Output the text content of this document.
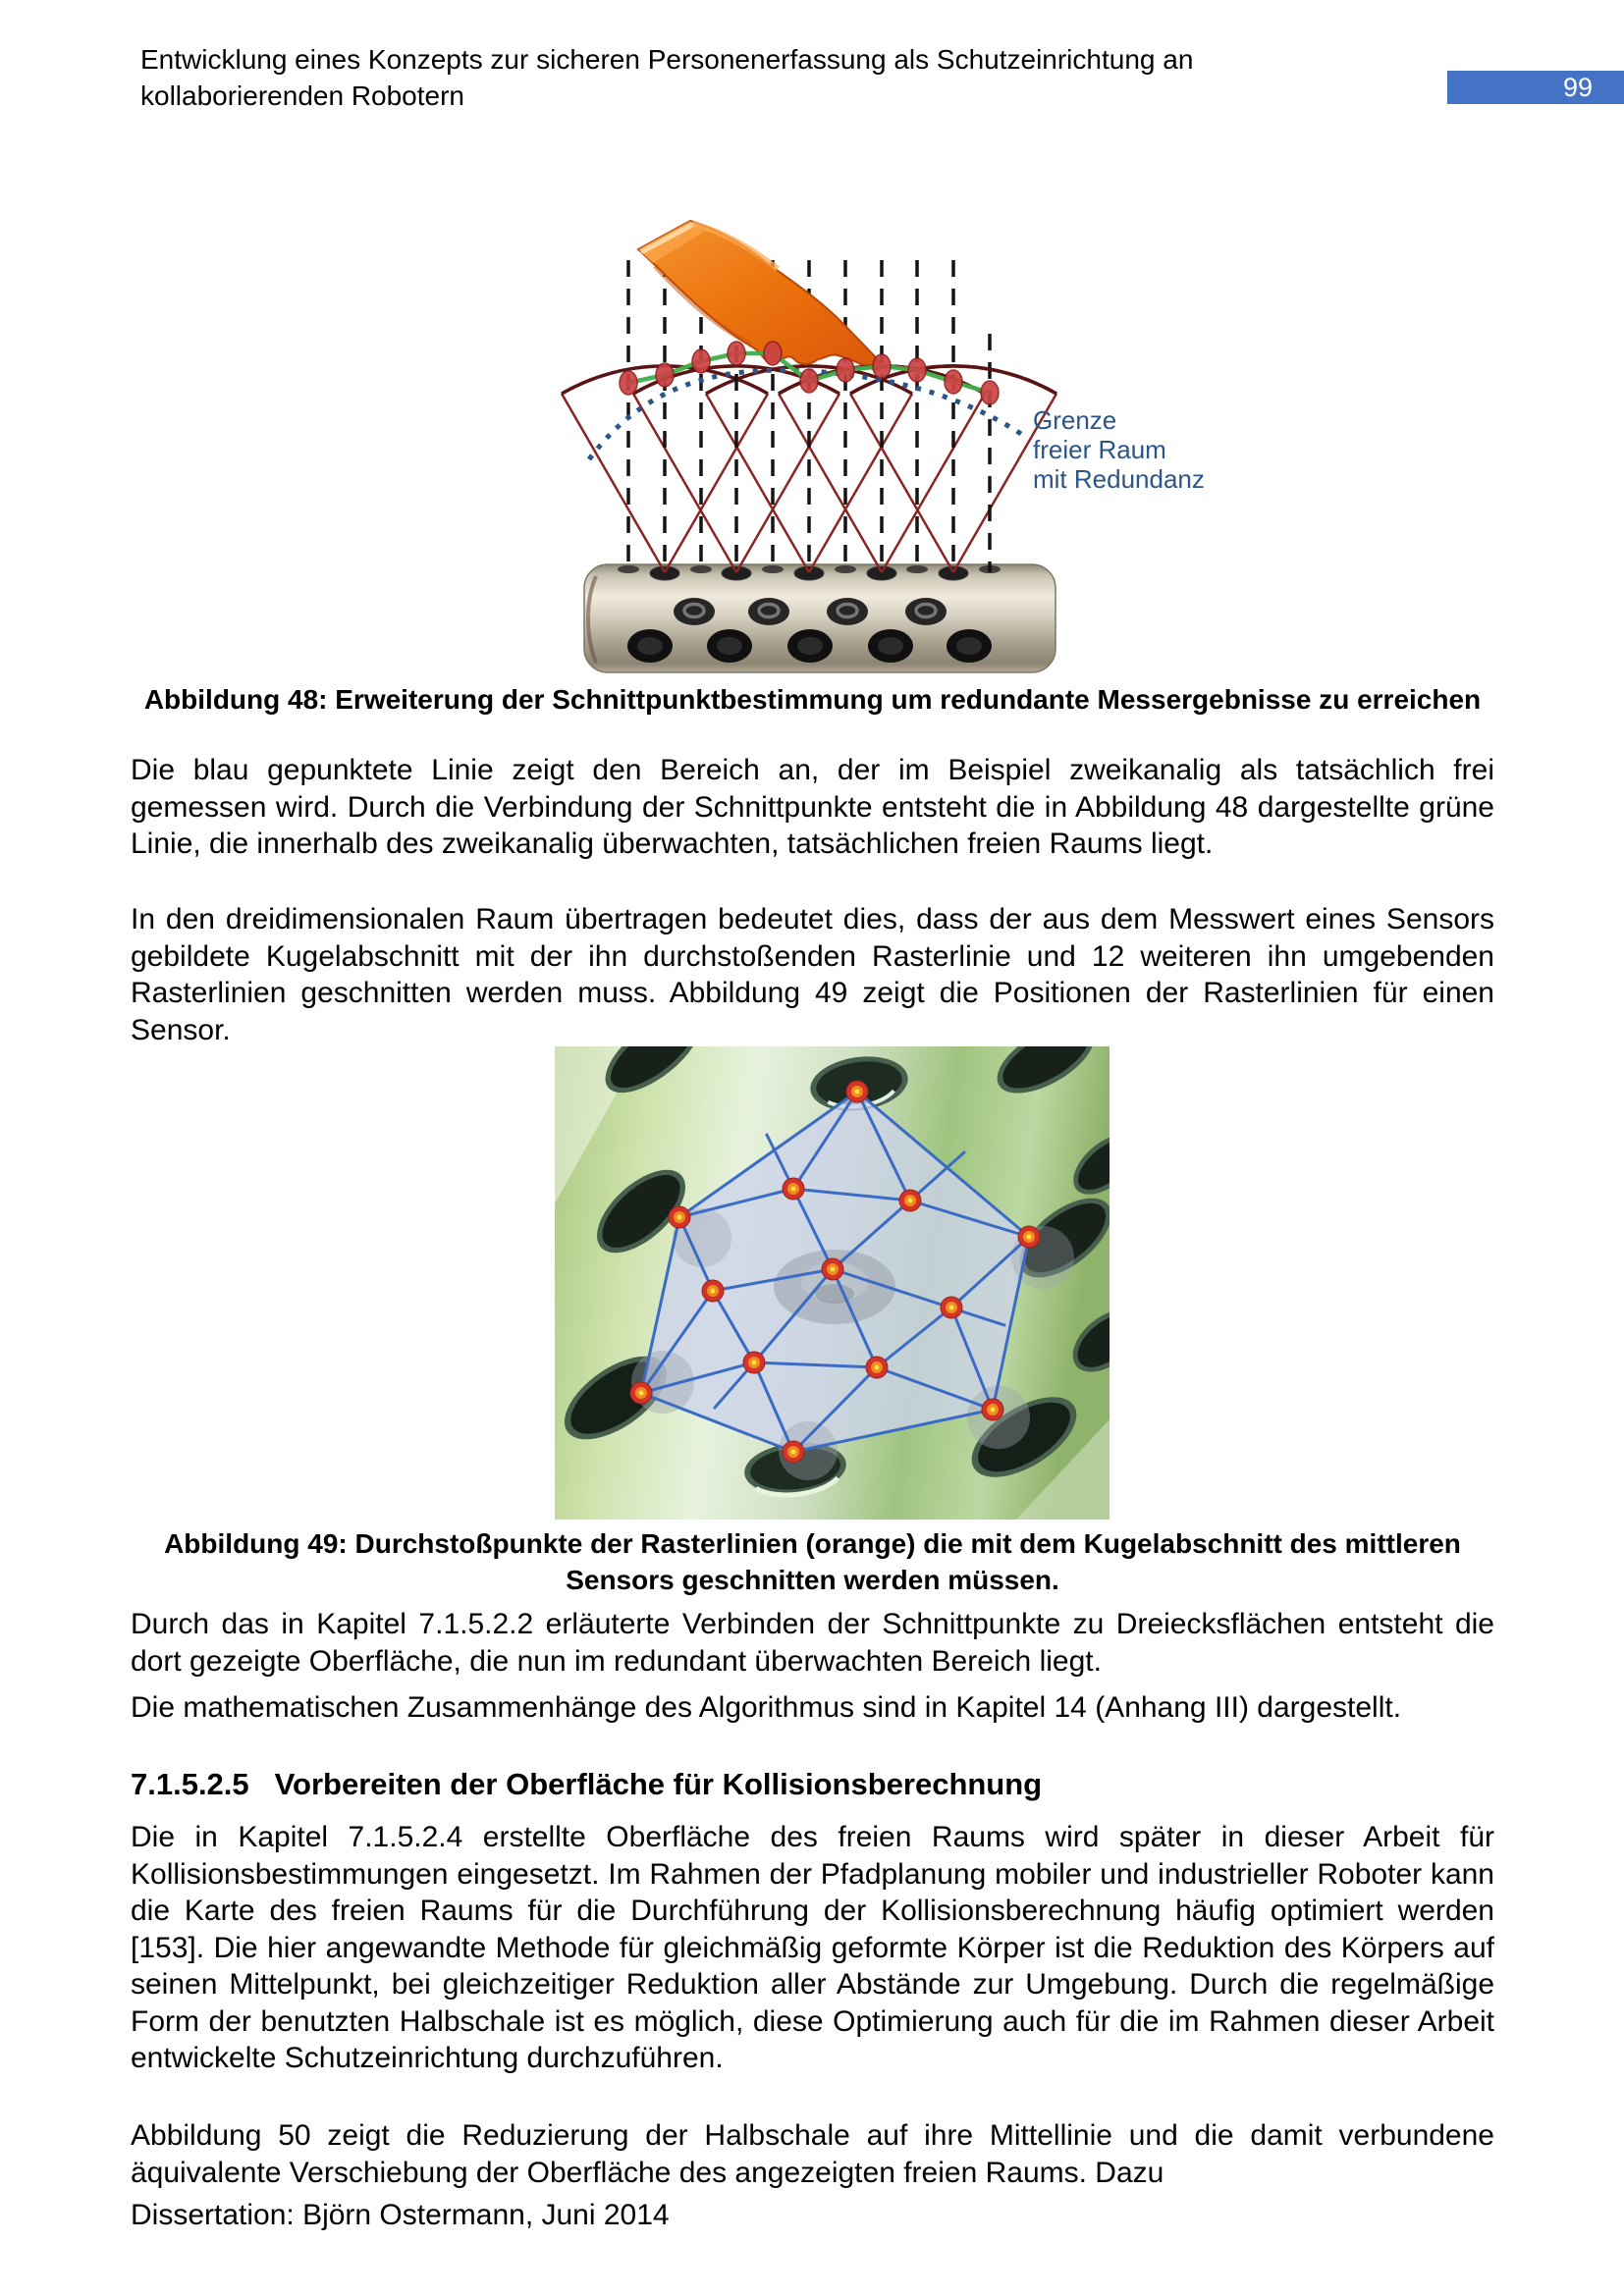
Entwicklung eines Konzepts zur sicheren Personenerfassung als Schutzeinrichtung an
kollaborierenden Robotern	99
Grenze
freier Raum
mit Redundanz
Abbildung 48: Erweiterung der Schnittpunktbestimmung um redundante Messergebnisse zu erreichen

Die blau gepunktete Linie zeigt den Bereich an, der im Beispiel zweikanalig als tatsächlich frei gemessen wird. Durch die Verbindung der Schnittpunkte entsteht die in Abbildung 48 dargestellte grüne Linie, die innerhalb des zweikanalig überwachten, tatsächlichen freien Raums liegt.

In den dreidimensionalen Raum übertragen bedeutet dies, dass der aus dem Messwert eines Sensors gebildete Kugelabschnitt mit der ihn durchstoßenden Rasterlinie und 12 weiteren ihn umgebenden Rasterlinien geschnitten werden muss. Abbildung 49 zeigt die Positionen der Rasterlinien für einen Sensor.

Abbildung 49: Durchstoßpunkte der Rasterlinien (orange) die mit dem Kugelabschnitt des mittleren Sensors geschnitten werden müssen.

Durch das in Kapitel 7.1.5.2.2 erläuterte Verbinden der Schnittpunkte zu Dreiecksflächen entsteht die dort gezeigte Oberfläche, die nun im redundant überwachten Bereich liegt.

Die mathematischen Zusammenhänge des Algorithmus sind in Kapitel 14 (Anhang III) dargestellt.

7.1.5.2.5 Vorbereiten der Oberfläche für Kollisionsberechnung

Die in Kapitel 7.1.5.2.4 erstellte Oberfläche des freien Raums wird später in dieser Arbeit für Kollisionsbestimmungen eingesetzt. Im Rahmen der Pfadplanung mobiler und industrieller Roboter kann die Karte des freien Raums für die Durchführung der Kollisionsberechnung häufig optimiert werden [153]. Die hier angewandte Methode für gleichmäßig geformte Körper ist die Reduktion des Körpers auf seinen Mittelpunkt, bei gleichzeitiger Reduktion aller Abstände zur Umgebung. Durch die regelmäßige Form der benutzten Halbschale ist es möglich, diese Optimierung auch für die im Rahmen dieser Arbeit entwickelte Schutzeinrichtung durchzuführen.

Abbildung 50 zeigt die Reduzierung der Halbschale auf ihre Mittellinie und die damit verbundene äquivalente Verschiebung der Oberfläche des angezeigten freien Raums. Dazu

Dissertation: Björn Ostermann, Juni 2014
